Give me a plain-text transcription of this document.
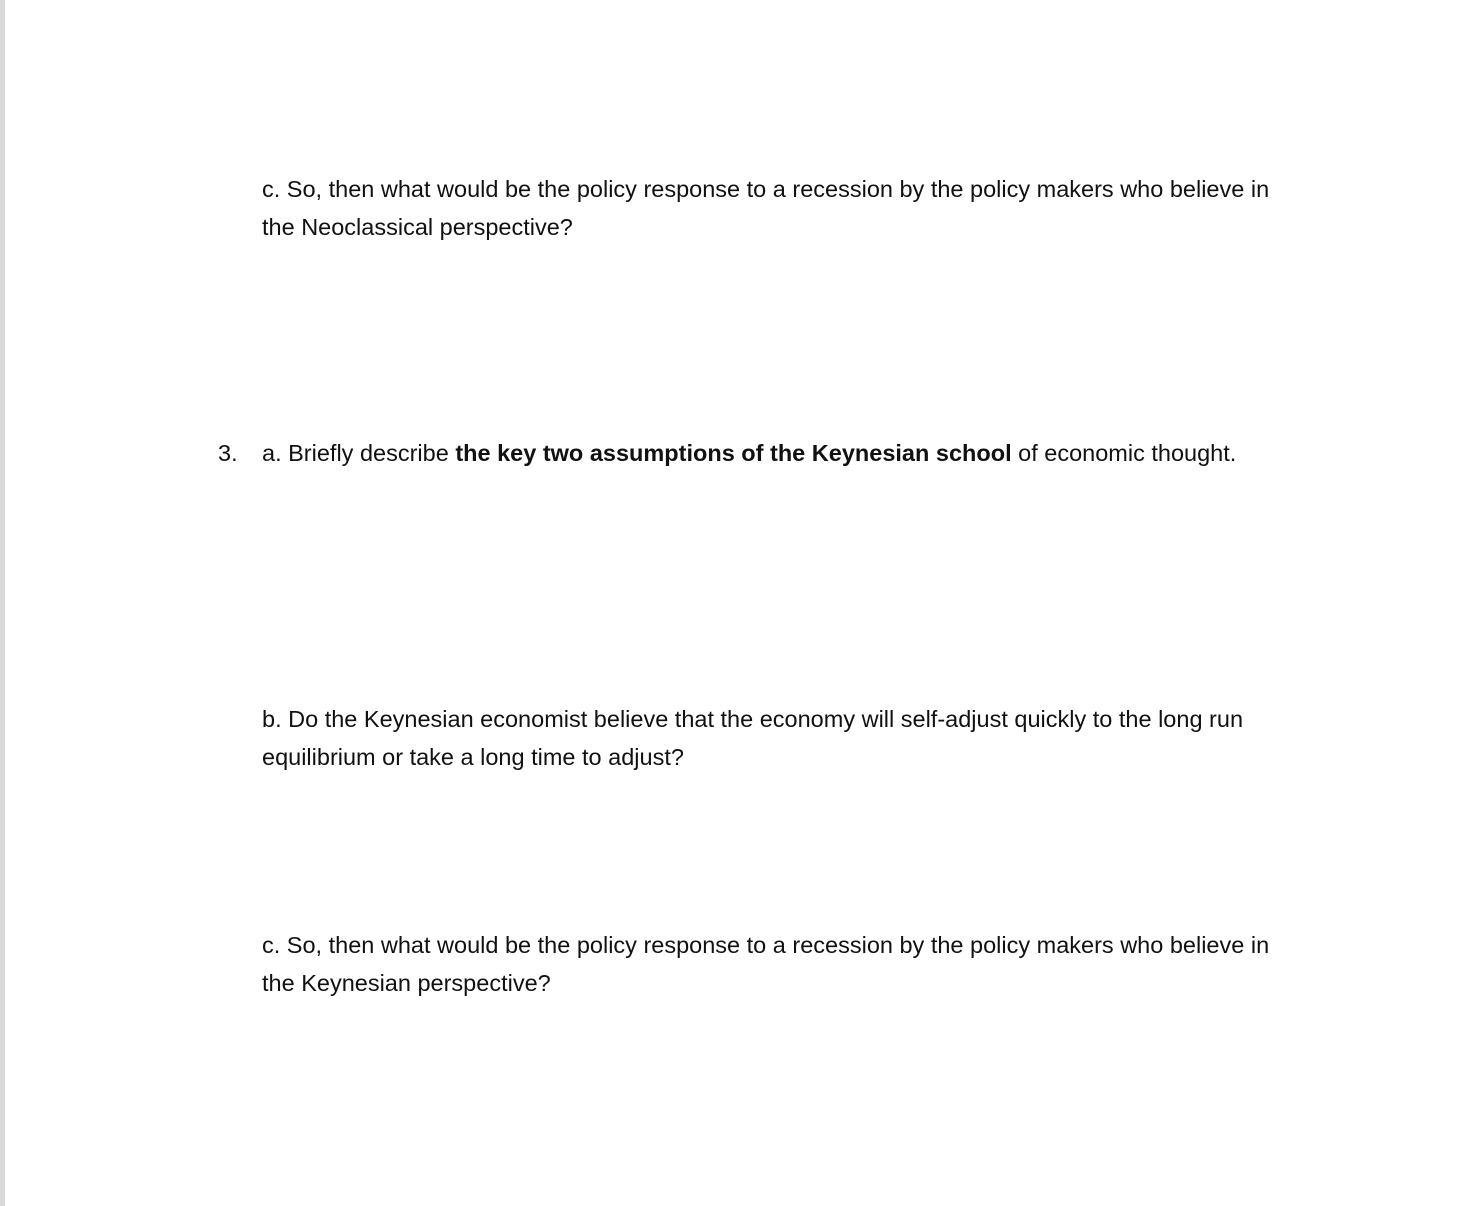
c. So, then what would be the policy response to a recession by the policy makers who believe in the Neoclassical perspective?

3. a. Briefly describe the key two assumptions of the Keynesian school of economic thought.

b. Do the Keynesian economist believe that the economy will self-adjust quickly to the long run equilibrium or take a long time to adjust?

c. So, then what would be the policy response to a recession by the policy makers who believe in the Keynesian perspective?
